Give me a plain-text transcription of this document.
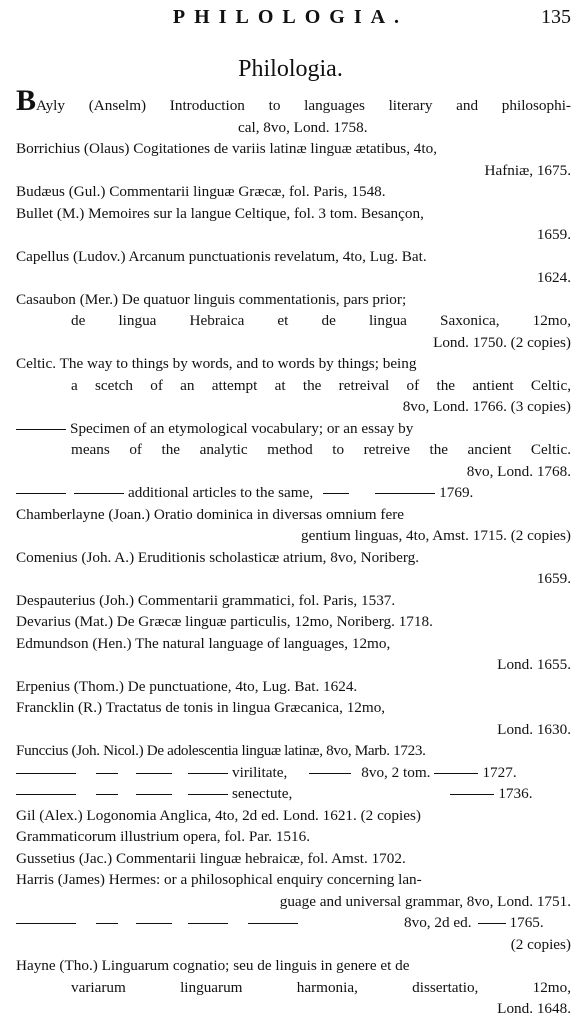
PHILOLOGIA.	135
Philologia.

BAyly (Anselm) Introduction to languages literary and philosophi-
cal, 8vo, Lond. 1758.

Borrichius (Olaus) Cogitationes de variis latinæ linguæ ætatibus, 4to,
Hafniæ, 1675.

Budæus (Gul.) Commentarii linguæ Græcæ, fol. Paris, 1548.

Bullet (M.) Memoires sur la langue Celtique, fol. 3 tom. Besançon,
1659.

Capellus (Ludov.) Arcanum punctuationis revelatum, 4to, Lug. Bat.
1624.

Casaubon (Mer.) De quatuor linguis commentationis, pars prior;
de lingua Hebraica et de lingua Saxonica, 12mo,
Lond. 1750. (2 copies)

Celtic. The way to things by words, and to words by things; being
a scetch of an attempt at the retreival of the antient Celtic,
8vo, Lond. 1766. (3 copies)

Specimen of an etymological vocabulary; or an essay by
means of the analytic method to retreive the ancient Celtic.
8vo, Lond. 1768.

additional articles to the same,	1769.

Chamberlayne (Joan.) Oratio dominica in diversas omnium fere
gentium linguas, 4to, Amst. 1715. (2 copies)

Comenius (Joh. A.) Eruditionis scholasticæ atrium, 8vo, Noriberg.
1659.

Despauterius (Joh.) Commentarii grammatici, fol. Paris, 1537.

Devarius (Mat.) De Græcæ linguæ particulis, 12mo, Noriberg. 1718.

Edmundson (Hen.) The natural language of languages, 12mo,
Lond. 1655.

Erpenius (Thom.) De punctuatione, 4to, Lug. Bat. 1624.

Francklin (R.) Tractatus de tonis in lingua Græcanica, 12mo,
Lond. 1630.

Funccius (Joh. Nicol.) De adolescentia linguæ latinæ, 8vo, Marb. 1723.

virilitate,	8vo, 2 tom.	1727.

senectute,	1736.

Gil (Alex.) Logonomia Anglica, 4to, 2d ed. Lond. 1621. (2 copies)

Grammaticorum illustrium opera, fol. Par. 1516.

Gussetius (Jac.) Commentarii linguæ hebraicæ, fol. Amst. 1702.

Harris (James) Hermes: or a philosophical enquiry concerning lan-
guage and universal grammar, 8vo, Lond. 1751.

8vo, 2d ed.	1765.
(2 copies)

Hayne (Tho.) Linguarum cognatio; seu de linguis in genere et de
variarum linguarum harmonia, dissertatio, 12mo,
Lond. 1648.
